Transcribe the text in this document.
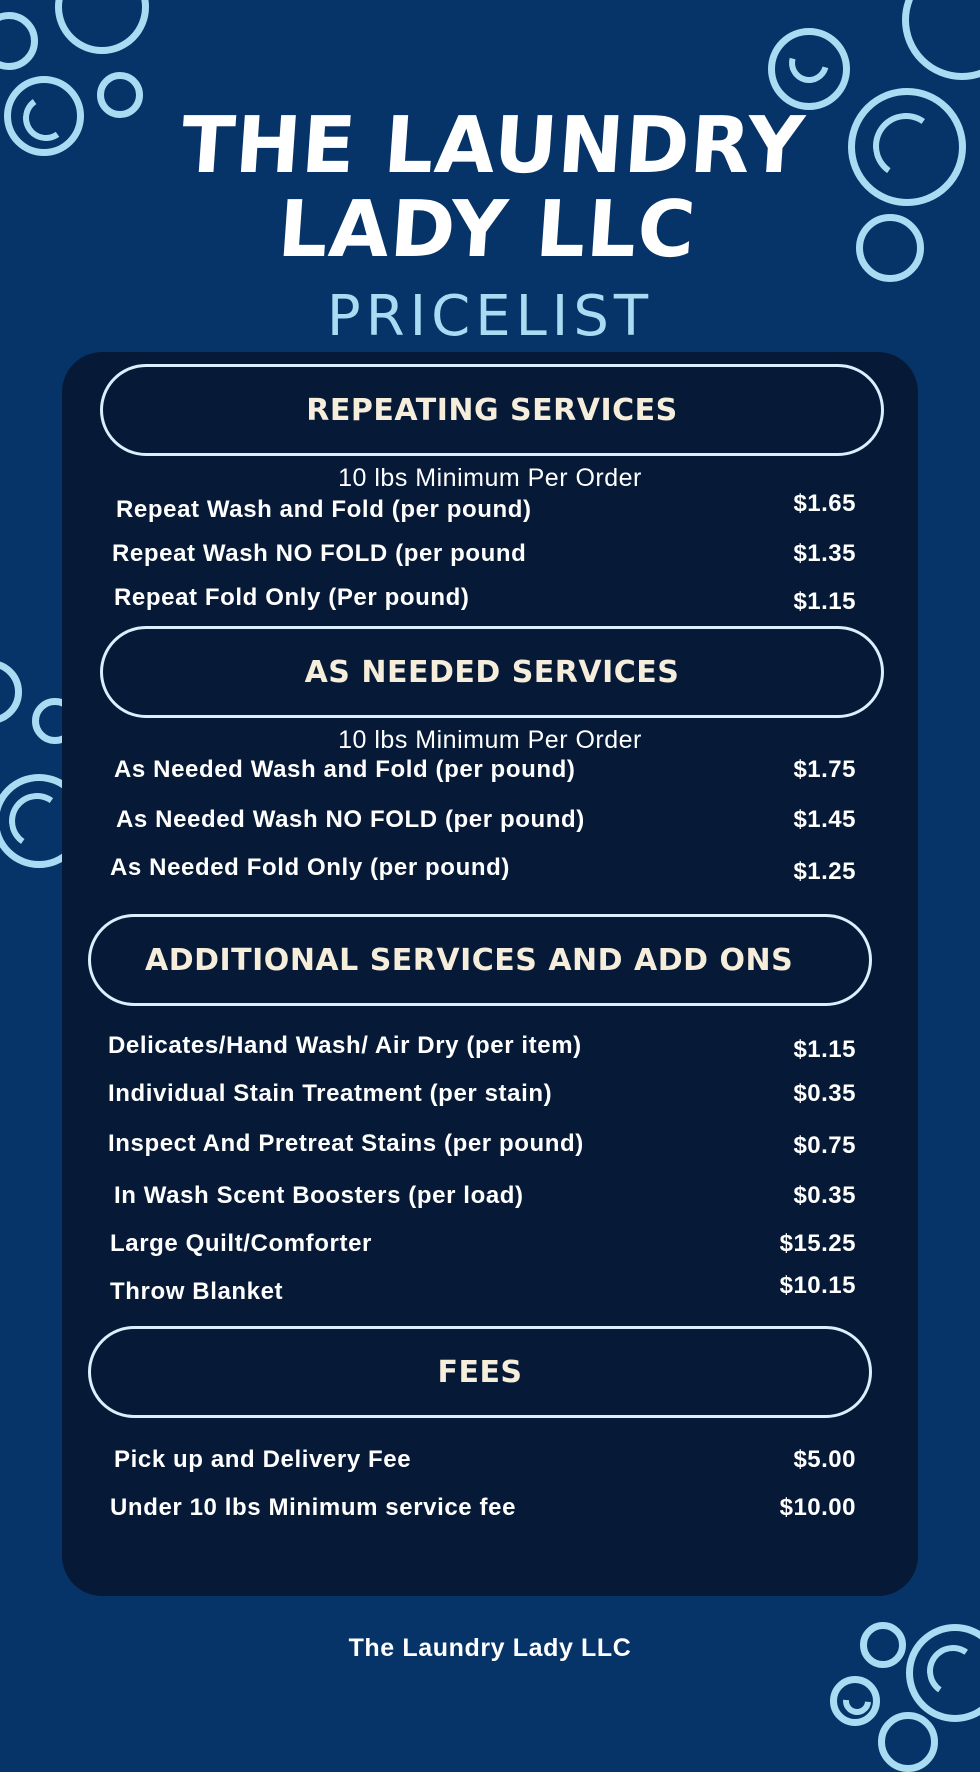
THE LAUNDRY
LADY LLC
PRICELIST
REPEATING SERVICES
10 lbs Minimum Per Order
Repeat Wash and Fold (per pound)	$1.65
Repeat Wash NO FOLD (per pound	$1.35
Repeat Fold Only (Per pound)	$1.15
AS NEEDED SERVICES
10 lbs Minimum Per Order
As Needed Wash and Fold (per pound)	$1.75
As Needed Wash NO FOLD (per pound)	$1.45
As Needed Fold Only (per pound)	$1.25
ADDITIONAL SERVICES AND ADD ONS
Delicates/Hand Wash/ Air Dry (per item)	$1.15
Individual Stain Treatment (per stain)	$0.35
Inspect And Pretreat Stains (per pound)	$0.75
In Wash Scent Boosters (per load)	$0.35
Large Quilt/Comforter	$15.25
Throw Blanket	$10.15
FEES
Pick up and Delivery Fee	$5.00
Under 10 lbs Minimum service fee	$10.00
The Laundry Lady LLC
